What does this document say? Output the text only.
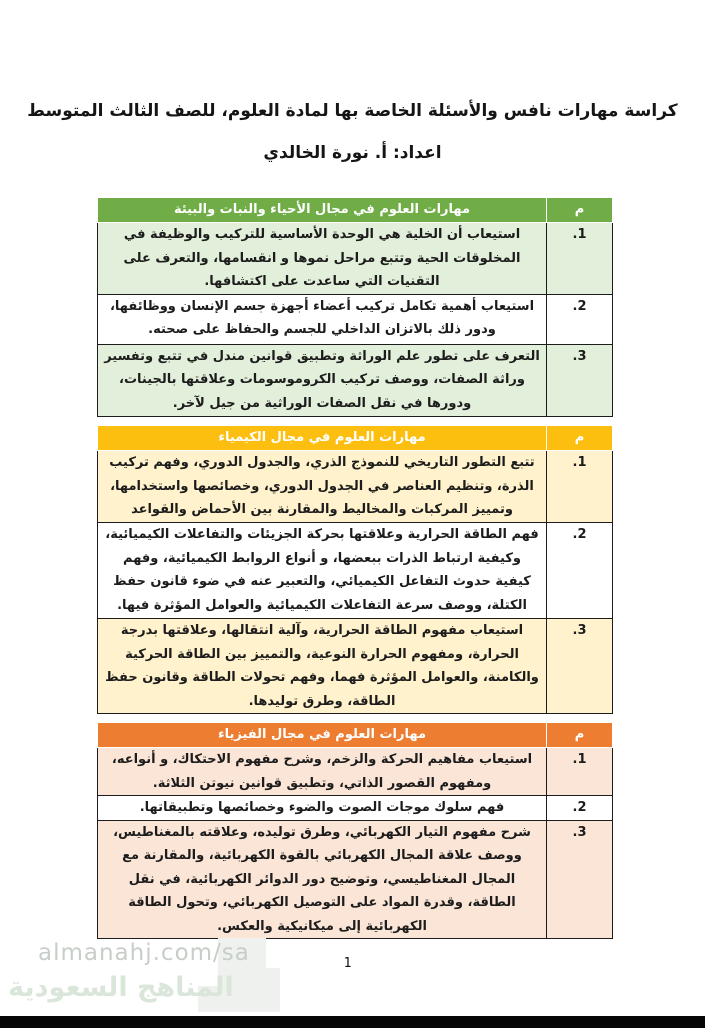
كراسة مهارات نافس والأسئلة الخاصة بها لمادة العلوم، للصف الثالث المتوسط
اعداد: أ. نورة الخالدي
م	مهارات العلوم في مجال الأحياء والنبات والبيئة
1.	استيعاب أن الخلية هي الوحدة الأساسية للتركيب والوظيفة في المخلوقات الحية وتتبع مراحل نموها و انقسامها، والتعرف على التقنيات التي ساعدت على اكتشافها.
2.	استيعاب أهمية تكامل تركيب أعضاء أجهزة جسم الإنسان ووظائفها، ودور ذلك بالاتزان الداخلي للجسم والحفاظ على صحته.
3.	التعرف على تطور علم الوراثة وتطبيق قوانين مندل في تتبع وتفسير وراثة الصفات، ووصف تركيب الكروموسومات وعلاقتها بالجينات، ودورها في نقل الصفات الوراثية من جيل لآخر.
م	مهارات العلوم في مجال الكيمياء
1.	تتبع التطور التاريخي للنموذج الذري، والجدول الدوري، وفهم تركيب الذرة، وتنظيم العناصر في الجدول الدوري، وخصائصها واستخدامها، وتمييز المركبات والمخاليط والمقارنة بين الأحماض والقواعد
2.	فهم الطاقة الحرارية وعلاقتها بحركة الجزيئات والتفاعلات الكيميائية، وكيفية ارتباط الذرات ببعضها، و أنواع الروابط الكيميائية، وفهم كيفية حدوث التفاعل الكيميائي، والتعبير عنه في ضوء قانون حفظ الكتلة، ووصف سرعة التفاعلات الكيميائية والعوامل المؤثرة فيها.
3.	استيعاب مفهوم الطاقة الحرارية، وآلية انتقالها، وعلاقتها بدرجة الحرارة، ومفهوم الحرارة النوعية، والتمييز بين الطاقة الحركية والكامنة، والعوامل المؤثرة فهما، وفهم تحولات الطاقة وقانون حفظ الطاقة، وطرق توليدها.
م	مهارات العلوم في مجال الفيزياء
1.	استيعاب مفاهيم الحركة والزخم، وشرح مفهوم الاحتكاك، و أنواعه، ومفهوم القصور الذاتي، وتطبيق قوانين نيوتن الثلاثة.
2.	فهم سلوك موجات الصوت والضوء وخصائصها وتطبيقاتها.
3.	شرح مفهوم التيار الكهربائي، وطرق توليده، وعلاقته بالمغناطيس، ووصف علاقة المجال الكهربائي بالقوة الكهربائية، والمقارنة مع المجال المغناطيسي، وتوضيح دور الدوائر الكهربائية، في نقل الطاقة، وقدرة المواد على التوصيل الكهربائي، وتحول الطاقة الكهربائية إلى ميكانيكية والعكس.
almanahj.com/sa
المناهج السعودية
1
